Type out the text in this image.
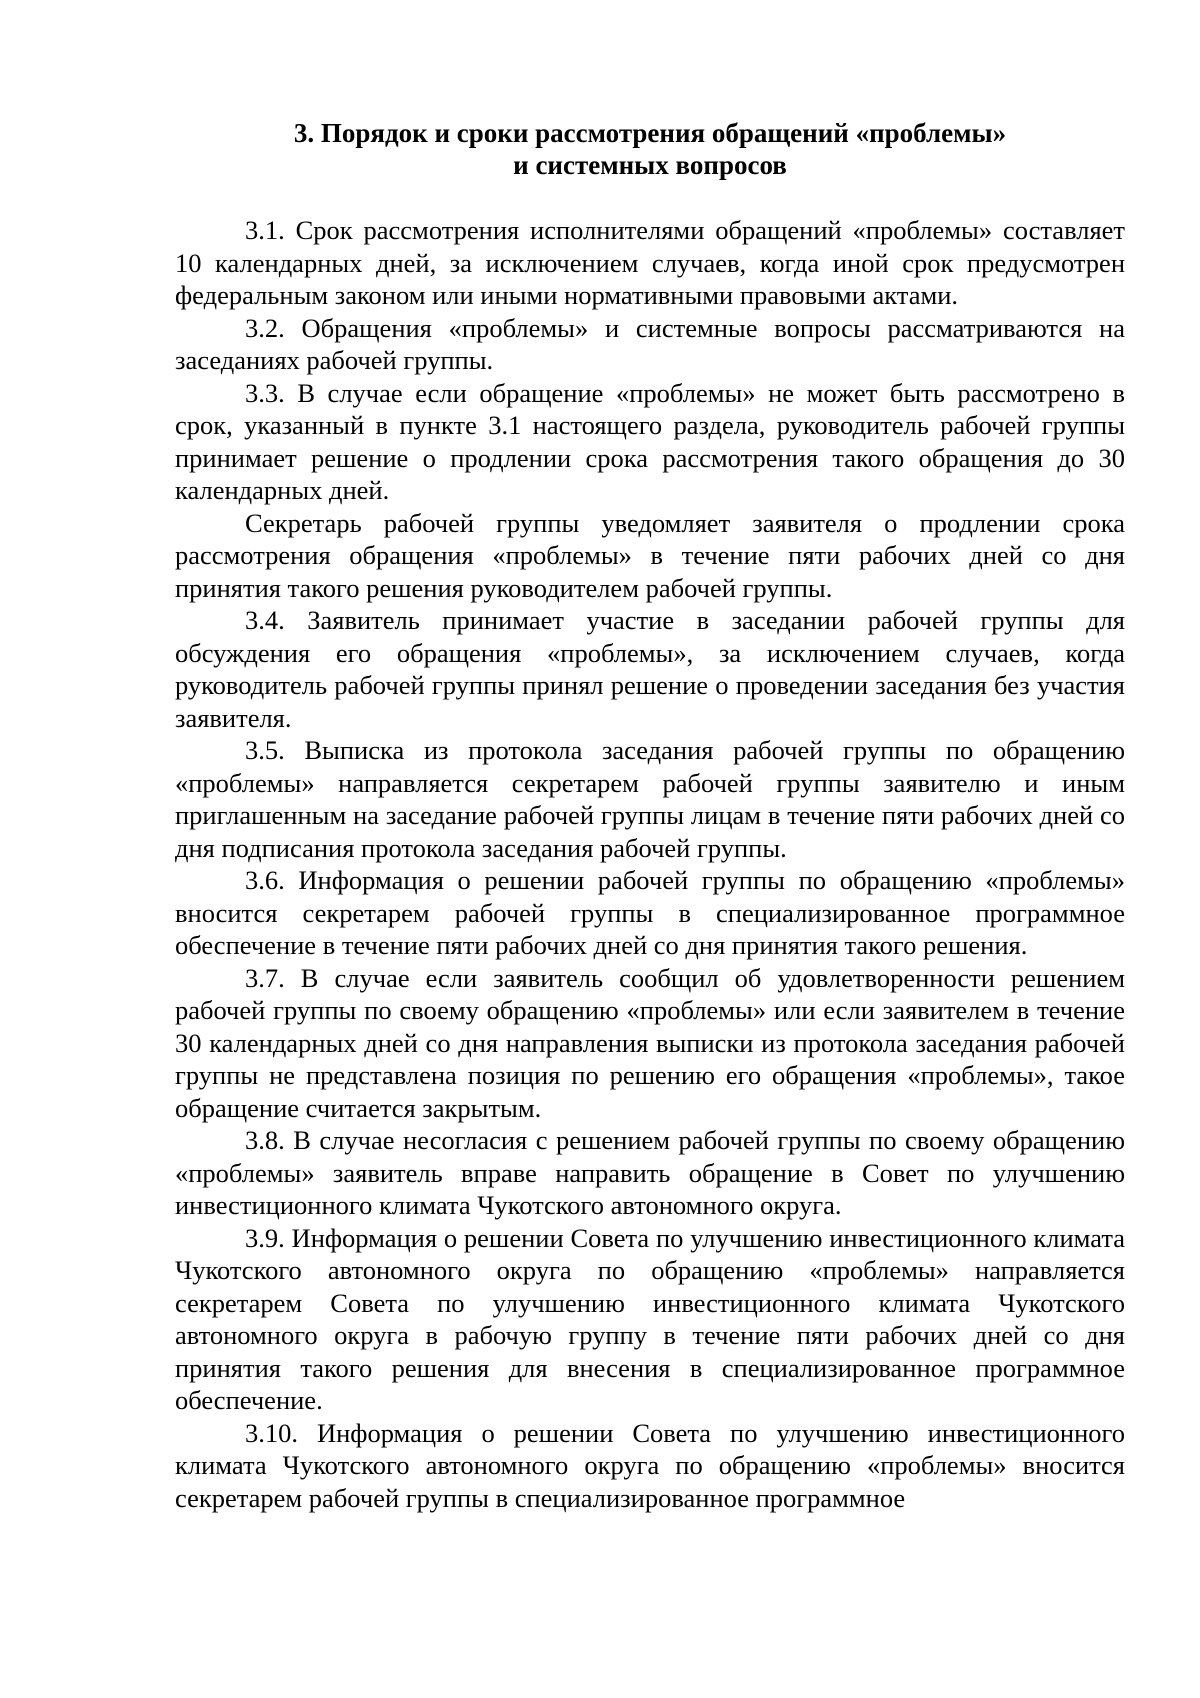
3. Порядок и сроки рассмотрения обращений «проблемы»
и системных вопросов

3.1. Срок рассмотрения исполнителями обращений «проблемы» составляет 10 календарных дней, за исключением случаев, когда иной срок предусмотрен федеральным законом или иными нормативными правовыми актами.

3.2. Обращения «проблемы» и системные вопросы рассматриваются на заседаниях рабочей группы.

3.3. В случае если обращение «проблемы» не может быть рассмотрено в срок, указанный в пункте 3.1 настоящего раздела, руководитель рабочей группы принимает решение о продлении срока рассмотрения такого обращения до 30 календарных дней.

Секретарь рабочей группы уведомляет заявителя о продлении срока рассмотрения обращения «проблемы» в течение пяти рабочих дней со дня принятия такого решения руководителем рабочей группы.

3.4. Заявитель принимает участие в заседании рабочей группы для обсуждения его обращения «проблемы», за исключением случаев, когда руководитель рабочей группы принял решение о проведении заседания без участия заявителя.

3.5. Выписка из протокола заседания рабочей группы по обращению «проблемы» направляется секретарем рабочей группы заявителю и иным приглашенным на заседание рабочей группы лицам в течение пяти рабочих дней со дня подписания протокола заседания рабочей группы.

3.6. Информация о решении рабочей группы по обращению «проблемы» вносится секретарем рабочей группы в специализированное программное обеспечение в течение пяти рабочих дней со дня принятия такого решения.

3.7. В случае если заявитель сообщил об удовлетворенности решением рабочей группы по своему обращению «проблемы» или если заявителем в течение 30 календарных дней со дня направления выписки из протокола заседания рабочей группы не представлена позиция по решению его обращения «проблемы», такое обращение считается закрытым.

3.8. В случае несогласия с решением рабочей группы по своему обращению «проблемы» заявитель вправе направить обращение в Совет по улучшению инвестиционного климата Чукотского автономного округа.

3.9. Информация о решении Совета по улучшению инвестиционного климата Чукотского автономного округа по обращению «проблемы» направляется секретарем Совета по улучшению инвестиционного климата Чукотского автономного округа в рабочую группу в течение пяти рабочих дней со дня принятия такого решения для внесения в специализированное программное обеспечение.

3.10. Информация о решении Совета по улучшению инвестиционного климата Чукотского автономного округа по обращению «проблемы» вносится секретарем рабочей группы в специализированное программное
